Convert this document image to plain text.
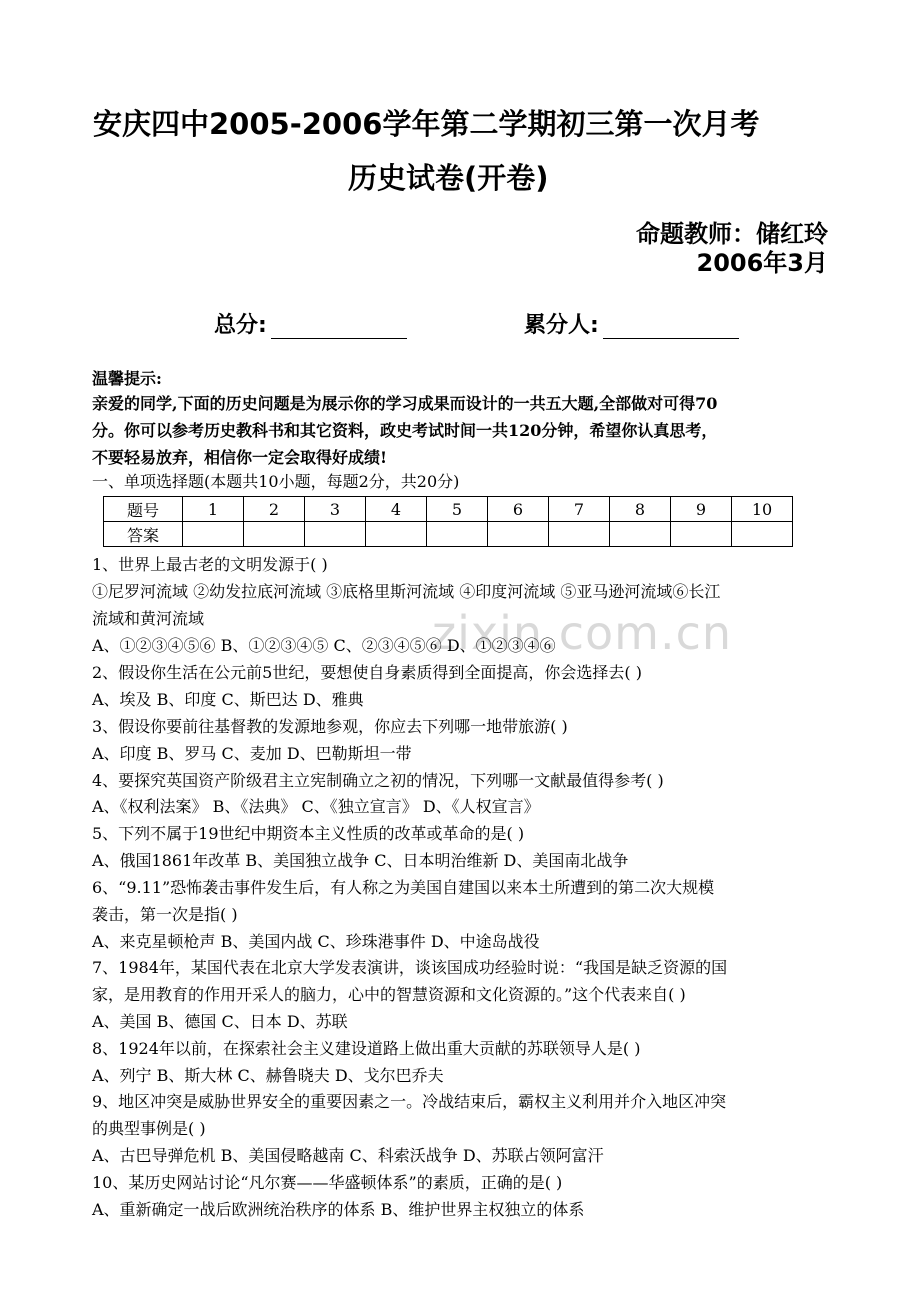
安庆四中2005-2006学年第二学期初三第一次月考
历史试卷(开卷)
命题教师：储红玲
2006年3月
总分:	累分人:
温馨提示:
亲爱的同学,下面的历史问题是为展示你的学习成果而设计的一共五大题,全部做对可得70
分。你可以参考历史教科书和其它资料，政史考试时间一共120分钟，希望你认真思考，
不要轻易放弃，相信你一定会取得好成绩!
一、单项选择题(本题共10小题，每题2分，共20分)
题号	1	2	3	4	5	6	7	8	9	10
答案										
zixin.com.cn
1、世界上最古老的文明发源于( )
①尼罗河流域 ②幼发拉底河流域 ③底格里斯河流域 ④印度河流域 ⑤亚马逊河流域⑥长江
流域和黄河流域
A、①②③④⑤⑥ B、①②③④⑤ C、②③④⑤⑥ D、①②③④⑥
2、假设你生活在公元前5世纪，要想使自身素质得到全面提高，你会选择去( )
A、埃及 B、印度 C、斯巴达 D、雅典
3、假设你要前往基督教的发源地参观，你应去下列哪一地带旅游( )
A、印度 B、罗马 C、麦加 D、巴勒斯坦一带
4、要探究英国资产阶级君主立宪制确立之初的情况，下列哪一文献最值得参考( )
A、《权利法案》 B、《法典》 C、《独立宣言》 D、《人权宣言》
5、下列不属于19世纪中期资本主义性质的改革或革命的是( )
A、俄国1861年改革 B、美国独立战争 C、日本明治维新 D、美国南北战争
6、“9.11”恐怖袭击事件发生后，有人称之为美国自建国以来本土所遭到的第二次大规模
袭击，第一次是指( )
A、来克星顿枪声 B、美国内战 C、珍珠港事件 D、中途岛战役
7、1984年，某国代表在北京大学发表演讲，谈该国成功经验时说：“我国是缺乏资源的国
家，是用教育的作用开采人的脑力，心中的智慧资源和文化资源的。”这个代表来自( )
A、美国 B、德国 C、日本 D、苏联
8、1924年以前，在探索社会主义建设道路上做出重大贡献的苏联领导人是( )
A、列宁 B、斯大林 C、赫鲁晓夫 D、戈尔巴乔夫
9、地区冲突是威胁世界安全的重要因素之一。冷战结束后，霸权主义利用并介入地区冲突
的典型事例是( )
A、古巴导弹危机 B、美国侵略越南 C、科索沃战争 D、苏联占领阿富汗
10、某历史网站讨论“凡尔赛——华盛顿体系”的素质，正确的是( )
A、重新确定一战后欧洲统治秩序的体系 B、维护世界主权独立的体系
